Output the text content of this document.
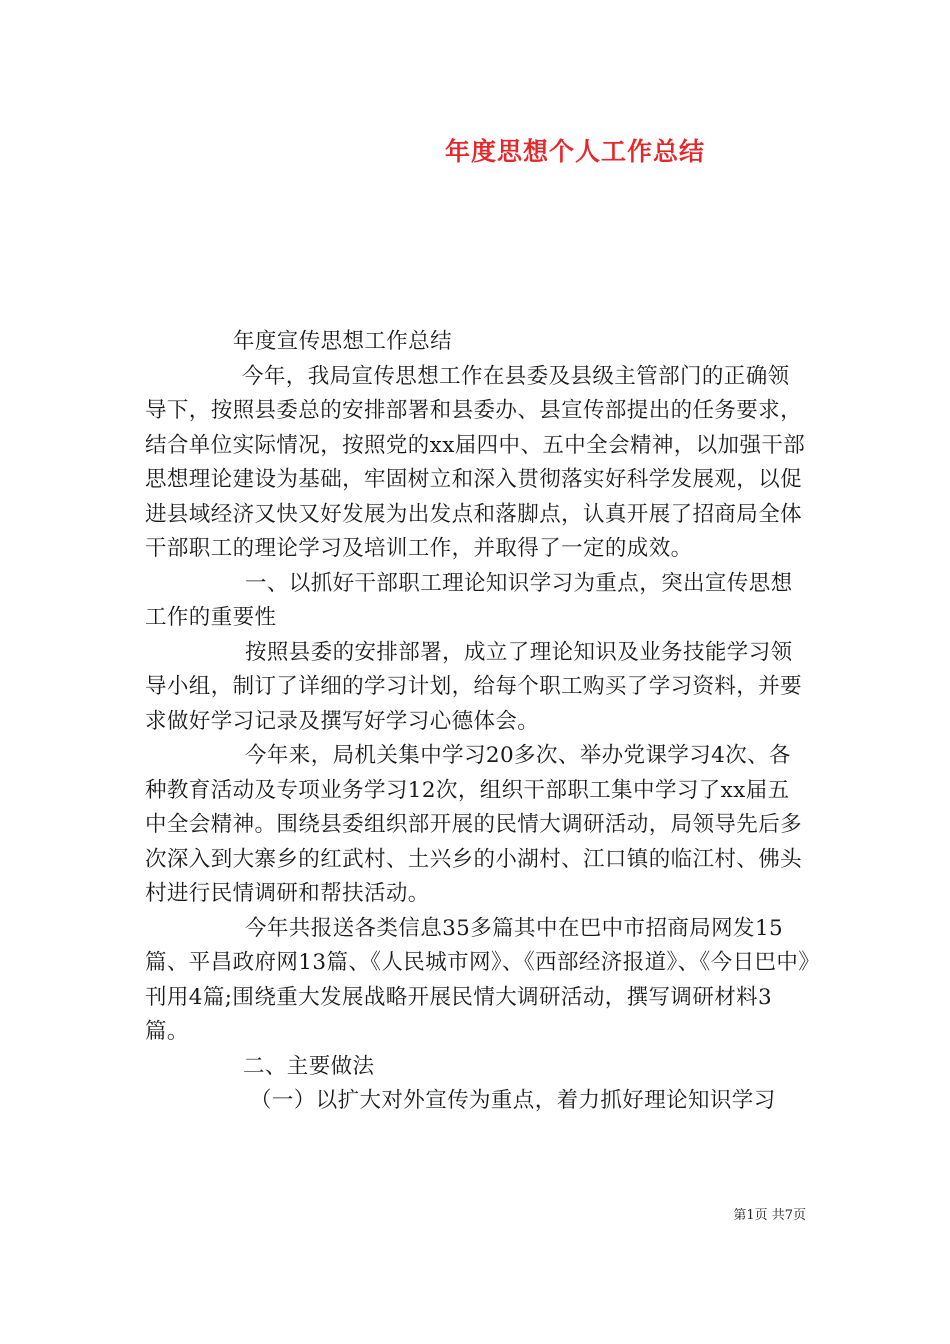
年度思想个人工作总结

年度宣传思想工作总结

今年，我局宣传思想工作在县委及县级主管部门的正确领导下，按照县委总的安排部署和县委办、县宣传部提出的任务要求，结合单位实际情况，按照党的xx届四中、五中全会精神，以加强干部思想理论建设为基础，牢固树立和深入贯彻落实好科学发展观，以促进县域经济又快又好发展为出发点和落脚点，认真开展了招商局全体干部职工的理论学习及培训工作，并取得了一定的成效。

一、以抓好干部职工理论知识学习为重点，突出宣传思想工作的重要性

按照县委的安排部署，成立了理论知识及业务技能学习领导小组，制订了详细的学习计划，给每个职工购买了学习资料，并要求做好学习记录及撰写好学习心德体会。

今年来，局机关集中学习20多次、举办党课学习4次、各种教育活动及专项业务学习12次，组织干部职工集中学习了xx届五中全会精神。围绕县委组织部开展的民情大调研活动，局领导先后多次深入到大寨乡的红武村、土兴乡的小湖村、江口镇的临江村、佛头村进行民情调研和帮扶活动。

今年共报送各类信息35多篇其中在巴中市招商局网发15篇、平昌政府网13篇、《人民城市网》、《西部经济报道》、《今日巴中》刊用4篇;围绕重大发展战略开展民情大调研活动，撰写调研材料3篇。

二、主要做法

（一）以扩大对外宣传为重点，着力抓好理论知识学习

第1页 共7页
